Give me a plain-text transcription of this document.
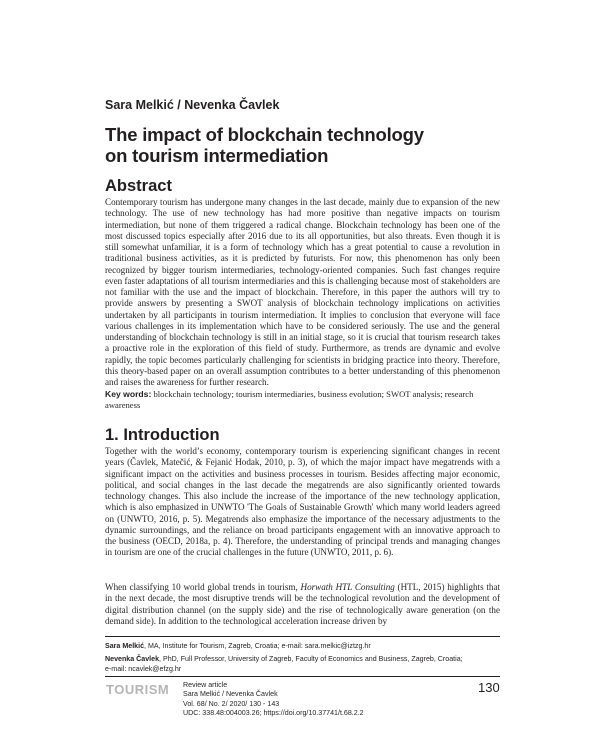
Sara Melkić / Nevenka Čavlek
The impact of blockchain technology
on tourism intermediation
Abstract

Contemporary tourism has undergone many changes in the last decade, mainly due to expansion of the new technology. The use of new technology has had more positive than negative impacts on tourism intermediation, but none of them triggered a radical change. Blockchain technology has been one of the most discussed topics especially after 2016 due to its all opportunities, but also threats. Even though it is still somewhat unfamiliar, it is a form of technology which has a great potential to cause a revolution in traditional business activities, as it is predicted by futurists. For now, this phenomenon has only been recognized by bigger tourism intermediaries, technology-oriented companies. Such fast changes require even faster adaptations of all tourism intermediaries and this is challenging because most of stakeholders are not familiar with the use and the impact of blockchain. Therefore, in this paper the authors will try to provide answers by presenting a SWOT analysis of blockchain technology implications on activities undertaken by all participants in tourism intermediation. It implies to conclusion that everyone will face various challenges in its implementation which have to be considered seriously. The use and the general understanding of blockchain technology is still in an initial stage, so it is crucial that tourism research takes a proactive role in the exploration of this field of study. Furthermore, as trends are dynamic and evolve rapidly, the topic becomes particularly challenging for scientists in bridging practice into theory. Therefore, this theory-based paper on an overall assumption contributes to a better understanding of this phenomenon and raises the awareness for further research.

Key words: blockchain technology; tourism intermediaries, business evolution; SWOT analysis; research awareness
1. Introduction

Together with the world’s economy, contemporary tourism is experiencing significant changes in recent years (Čavlek, Matečić, & Fejanić Hodak, 2010, p. 3), of which the major impact have megatrends with a significant impact on the activities and business processes in tourism. Besides affecting major economic, political, and social changes in the last decade the megatrends are also significantly oriented towards technology changes. This also include the increase of the importance of the new technology application, which is also emphasized in UNWTO 'The Goals of Sustainable Growth' which many world leaders agreed on (UNWTO, 2016, p. 5). Megatrends also emphasize the importance of the necessary adjustments to the dynamic surroundings, and the reliance on broad participants engagement with an innovative approach to the business (OECD, 2018a, p. 4). Therefore, the understanding of principal trends and managing changes in tourism are one of the crucial challenges in the future (UNWTO, 2011, p. 6).

When classifying 10 world global trends in tourism, Horwath HTL Consulting (HTL, 2015) highlights that in the next decade, the most disruptive trends will be the technological revolution and the development of digital distribution channel (on the supply side) and the rise of technologically aware generation (on the demand side). In addition to the technological acceleration increase driven by

Sara Melkić, MA, Institute for Tourism, Zagreb, Croatia; e-mail: sara.melkic@iztzg.hr
Nevenka Čavlek, PhD, Full Professor, University of Zagreb, Faculty of Economics and Business, Zagreb, Croatia;
e-mail: ncavlek@efzg.hr
TOURISM Review article
Sara Melkić / Nevenka Čavlek
Vol. 68/ No. 2/ 2020/ 130 - 143
UDC: 338.48:004003.26; https://doi.org/10.37741/t.68.2.2
130
